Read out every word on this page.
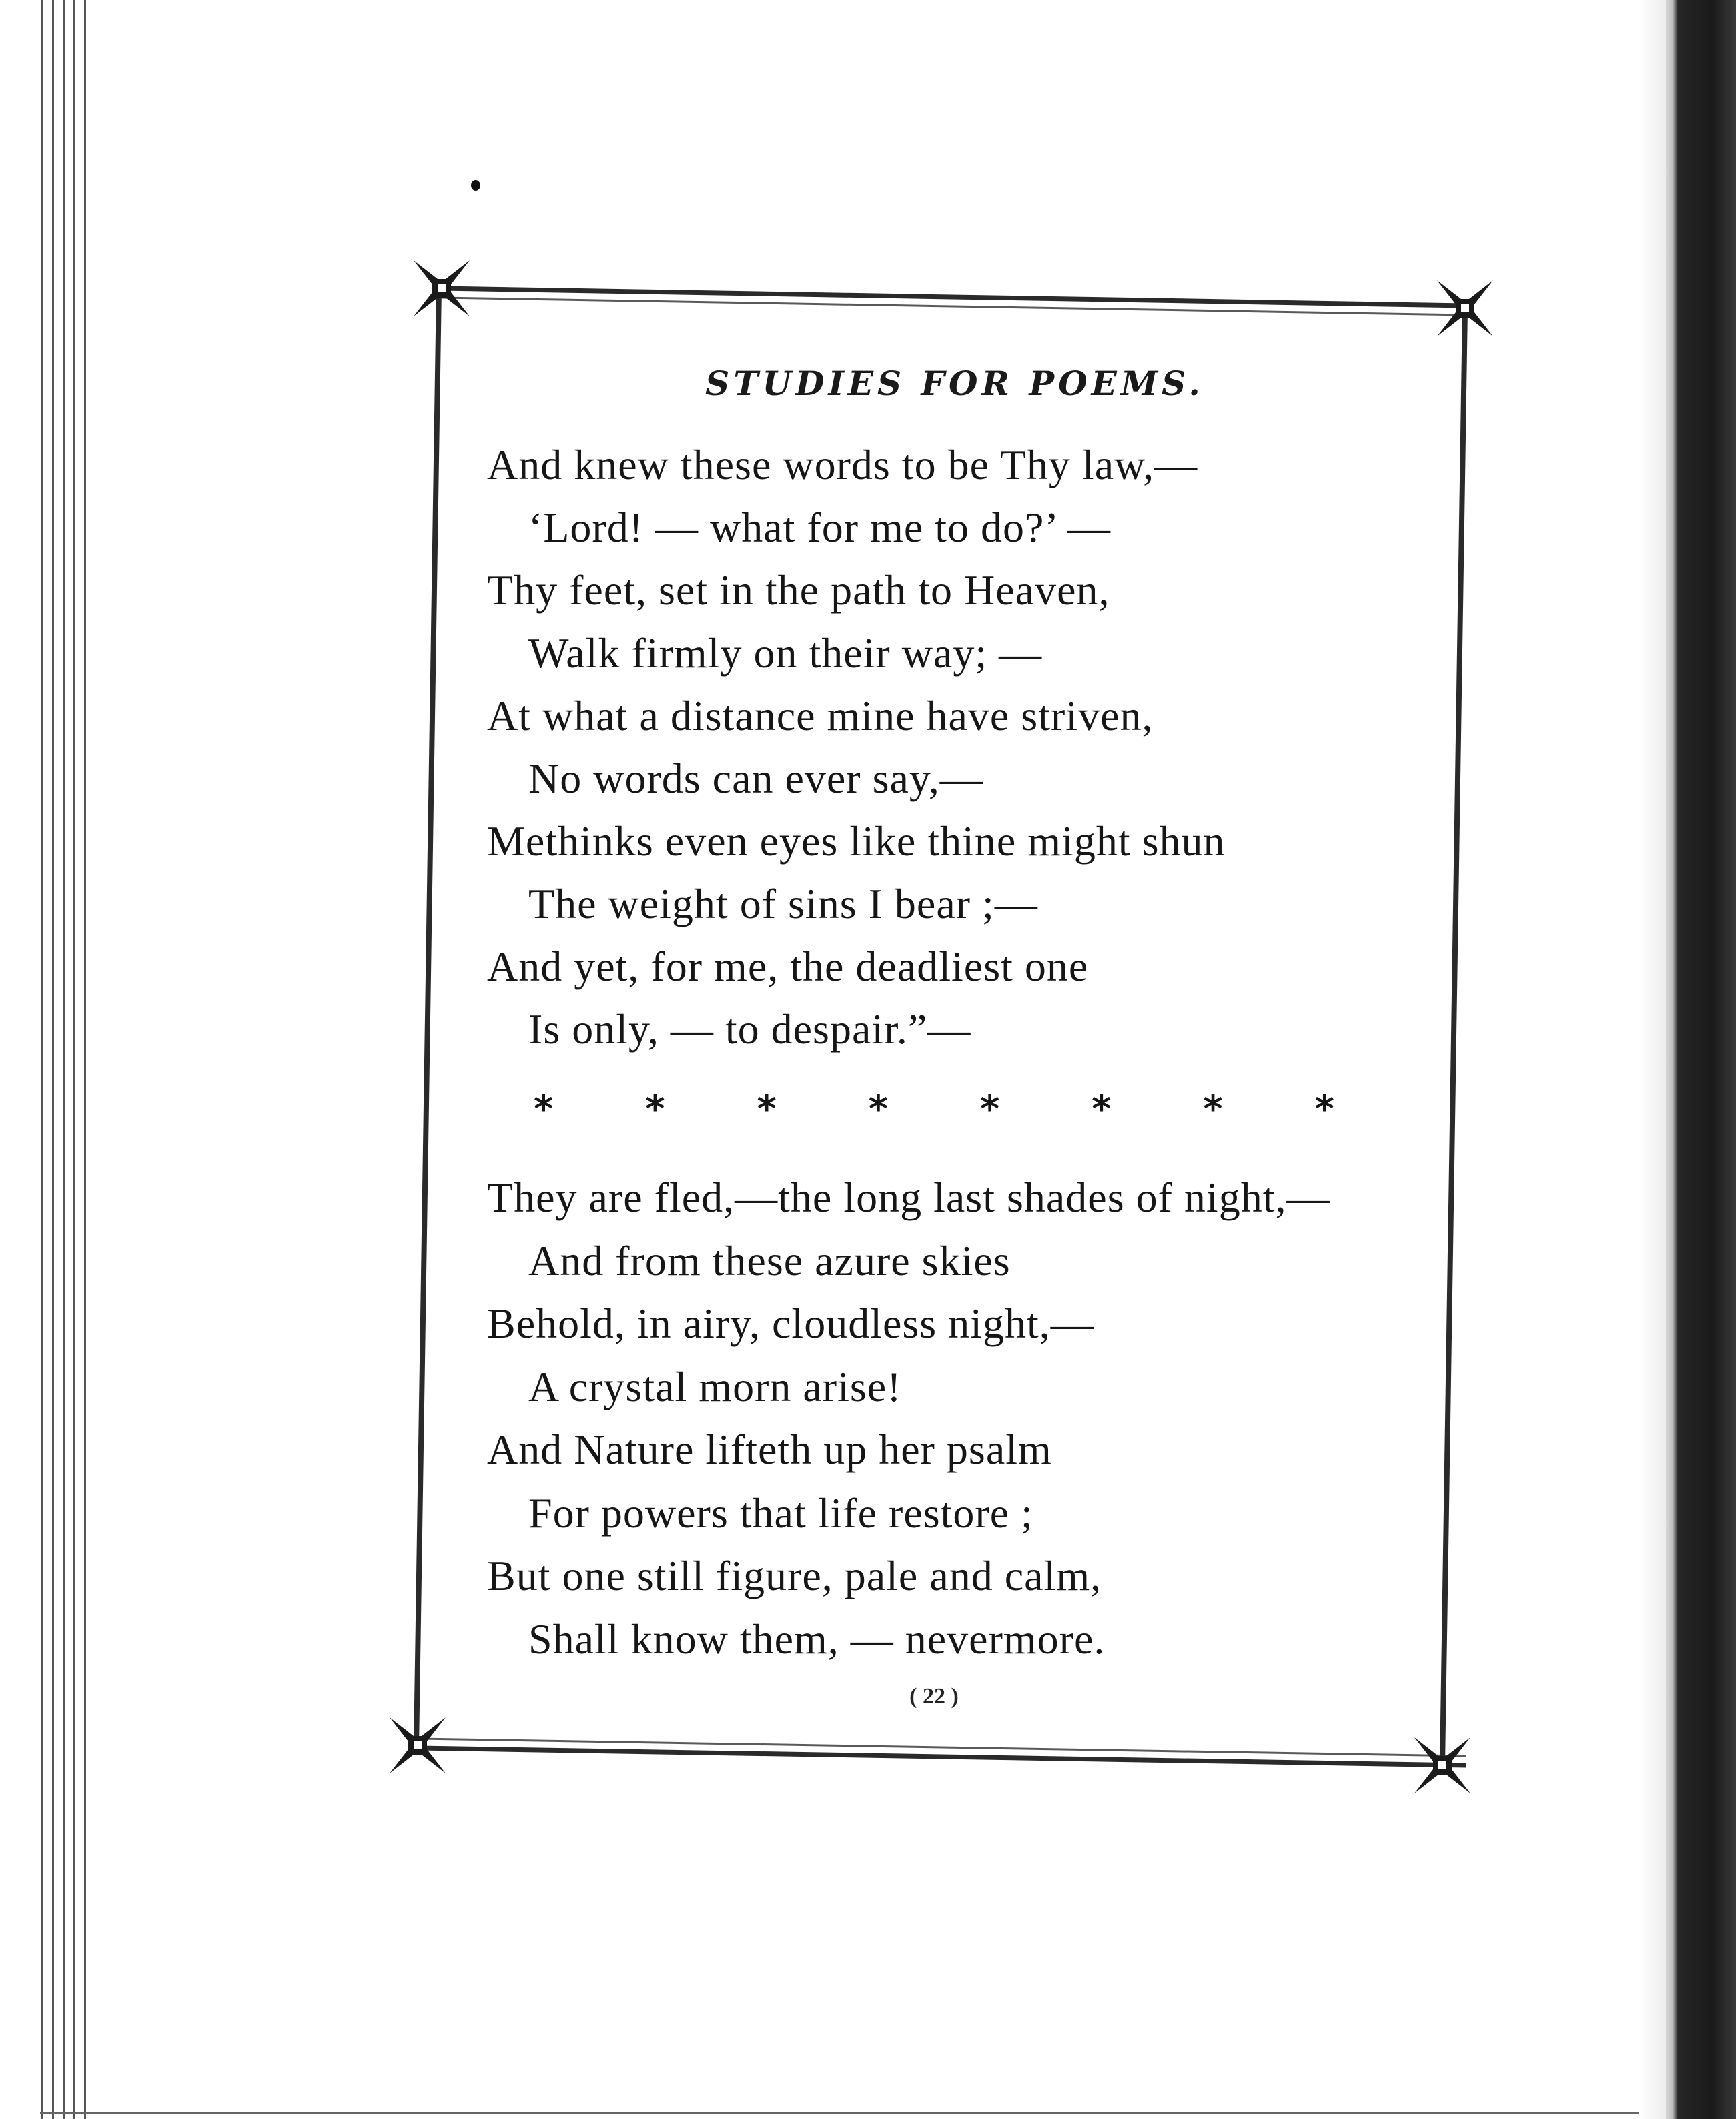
STUDIES FOR POEMS.
And knew these words to be Thy law,—
‘Lord! — what for me to do?’ —
Thy feet, set in the path to Heaven,
Walk firmly on their way; —
At what a distance mine have striven,
No words can ever say,—
Methinks even eyes like thine might shun
The weight of sins I bear ;—
And yet, for me, the deadliest one
Is only, — to despair.”—
* * * * * * * *
They are fled,—the long last shades of night,—
And from these azure skies
Behold, in airy, cloudless night,—
A crystal morn arise!
And Nature lifteth up her psalm
For powers that life restore ;
But one still figure, pale and calm,
Shall know them, — nevermore.
( 22 )
